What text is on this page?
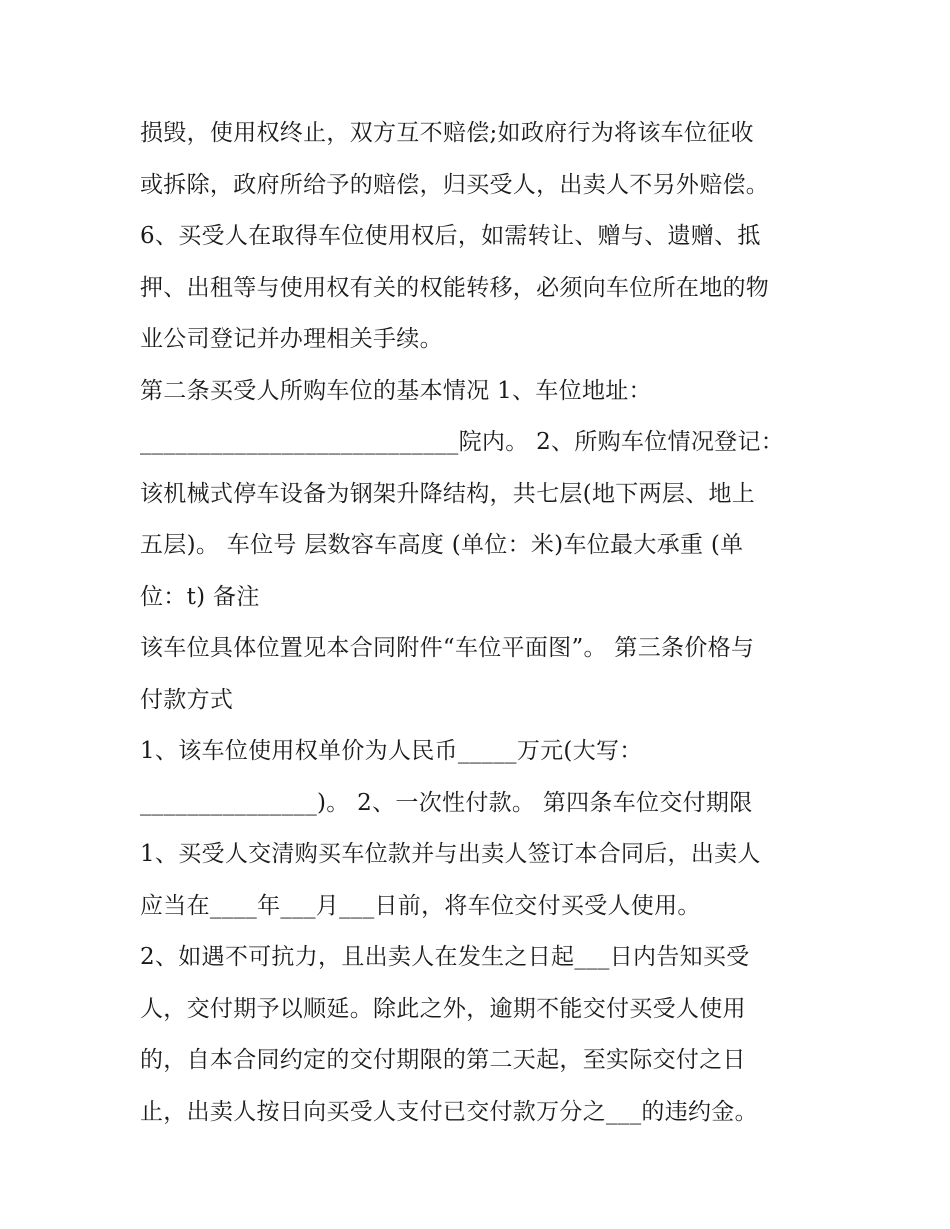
损毁，使用权终止，双方互不赔偿;如政府行为将该车位征收
或拆除，政府所给予的赔偿，归买受人，出卖人不另外赔偿。
6、买受人在取得车位使用权后，如需转让、赠与、遗赠、抵
押、出租等与使用权有关的权能转移，必须向车位所在地的物
业公司登记并办理相关手续。
第二条买受人所购车位的基本情况 1、车位地址：
___________________________院内。 2、所购车位情况登记：
该机械式停车设备为钢架升降结构，共七层(地下两层、地上
五层)。 车位号 层数容车高度 (单位：米)车位最大承重 (单
位：t) 备注
该车位具体位置见本合同附件“车位平面图”。 第三条价格与
付款方式
1、该车位使用权单价为人民币_____万元(大写：
_______________)。 2、一次性付款。 第四条车位交付期限
1、买受人交清购买车位款并与出卖人签订本合同后，出卖人
应当在____年___月___日前，将车位交付买受人使用。
2、如遇不可抗力，且出卖人在发生之日起___日内告知买受
人，交付期予以顺延。除此之外，逾期不能交付买受人使用
的，自本合同约定的交付期限的第二天起，至实际交付之日
止，出卖人按日向买受人支付已交付款万分之___的违约金。
